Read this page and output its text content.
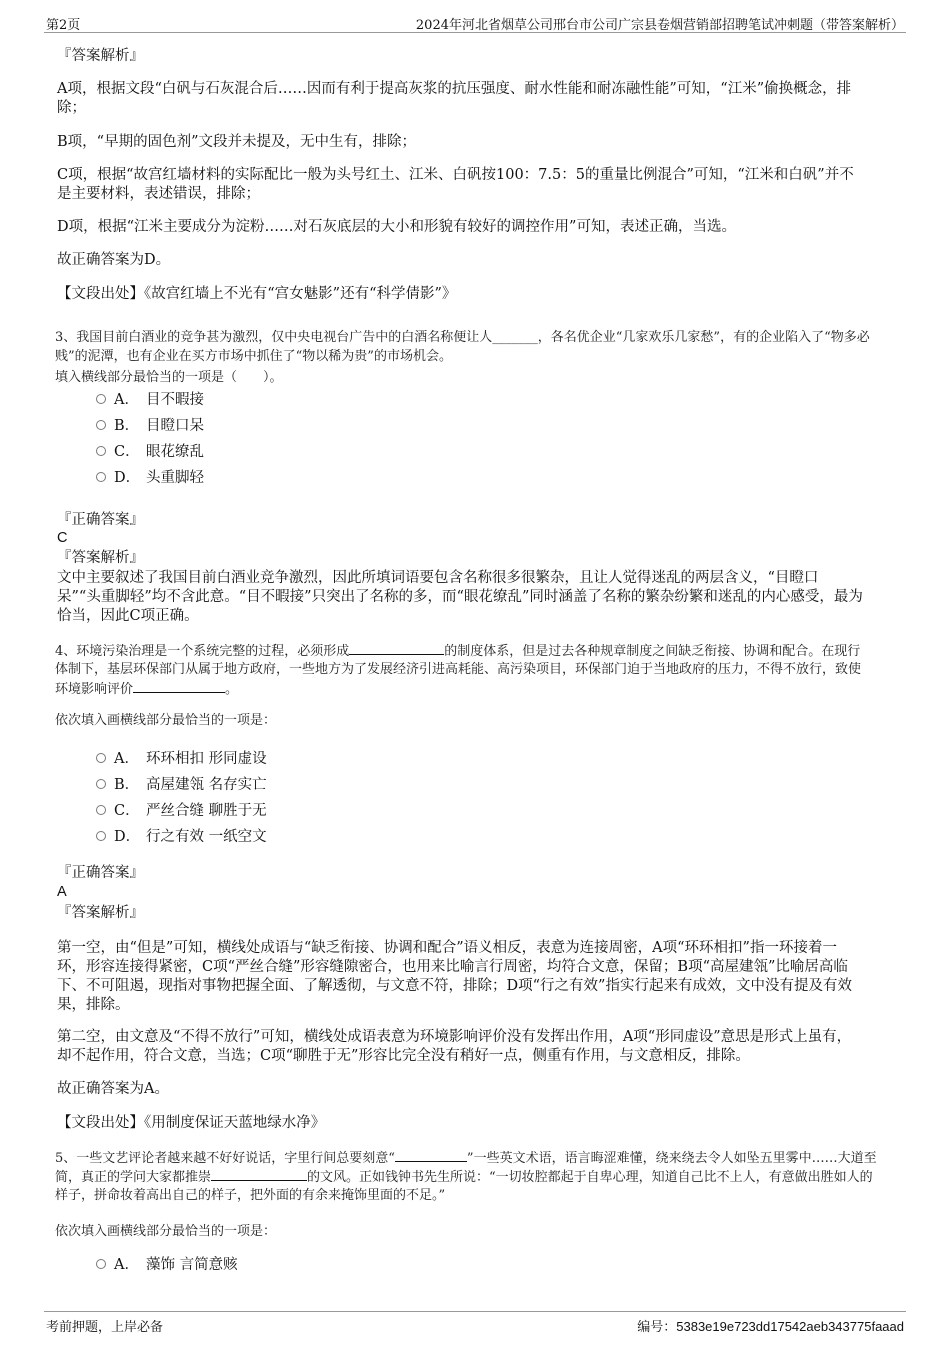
第2页	2024年河北省烟草公司邢台市公司广宗县卷烟营销部招聘笔试冲刺题（带答案解析）
『答案解析』
A项，根据文段“白矾与石灰混合后……因而有利于提高灰浆的抗压强度、耐水性能和耐冻融性能”可知，“江米”偷换概念，排
除；
B项，“早期的固色剂”文段并未提及，无中生有，排除；
C项，根据“故宫红墙材料的实际配比一般为头号红土、江米、白矾按100：7.5：5的重量比例混合”可知，“江米和白矾”并不
是主要材料，表述错误，排除；
D项，根据“江米主要成分为淀粉……对石灰底层的大小和形貌有较好的调控作用”可知，表述正确，当选。
故正确答案为D。
【文段出处】《故宫红墙上不光有“宫女魅影”还有“科学倩影”》
3、我国目前白酒业的竞争甚为激烈，仅中央电视台广告中的白酒名称便让人_______，各名优企业“几家欢乐几家愁”，有的企业陷入了“物多必
贱”的泥潭，也有企业在买方市场中抓住了“物以稀为贵”的市场机会。
填入横线部分最恰当的一项是（　　）。
A． 目不暇接
B． 目瞪口呆
C． 眼花缭乱
D． 头重脚轻
『正确答案』
C
『答案解析』
文中主要叙述了我国目前白酒业竞争激烈，因此所填词语要包含名称很多很繁杂，且让人觉得迷乱的两层含义，“目瞪口
呆”“头重脚轻”均不含此意。“目不暇接”只突出了名称的多，而“眼花缭乱”同时涵盖了名称的繁杂纷繁和迷乱的内心感受，最为
恰当，因此C项正确。
4、环境污染治理是一个系统完整的过程，必须形成	的制度体系，但是过去各种规章制度之间缺乏衔接、协调和配合。在现行
体制下，基层环保部门从属于地方政府，一些地方为了发展经济引进高耗能、高污染项目，环保部门迫于当地政府的压力，不得不放行，致使
环境影响评价	。
依次填入画横线部分最恰当的一项是：
A． 环环相扣 形同虚设
B． 高屋建瓴 名存实亡
C． 严丝合缝 聊胜于无
D． 行之有效 一纸空文
『正确答案』
A
『答案解析』
第一空，由“但是”可知，横线处成语与“缺乏衔接、协调和配合”语义相反，表意为连接周密，A项“环环相扣”指一环接着一
环，形容连接得紧密，C项“严丝合缝”形容缝隙密合，也用来比喻言行周密，均符合文意，保留；B项“高屋建瓴”比喻居高临
下、不可阻遏，现指对事物把握全面、了解透彻，与文意不符，排除；D项“行之有效”指实行起来有成效，文中没有提及有效
果，排除。
第二空，由文意及“不得不放行”可知，横线处成语表意为环境影响评价没有发挥出作用，A项“形同虚设”意思是形式上虽有，
却不起作用，符合文意，当选；C项“聊胜于无”形容比完全没有稍好一点，侧重有作用，与文意相反，排除。
故正确答案为A。
【文段出处】《用制度保证天蓝地绿水净》
5、一些文艺评论者越来越不好好说话，字里行间总要刻意“	”一些英文术语，语言晦涩难懂，绕来绕去令人如坠五里雾中……大道至
简，真正的学问大家都推崇	的文风。正如钱钟书先生所说：“一切妆腔都起于自卑心理，知道自己比不上人，有意做出胜如人的
样子，拼命妆着高出自己的样子，把外面的有余来掩饰里面的不足。”
依次填入画横线部分最恰当的一项是：
A． 藻饰 言简意赅
考前押题，上岸必备	编号：5383e19e723dd17542aeb343775faaad
